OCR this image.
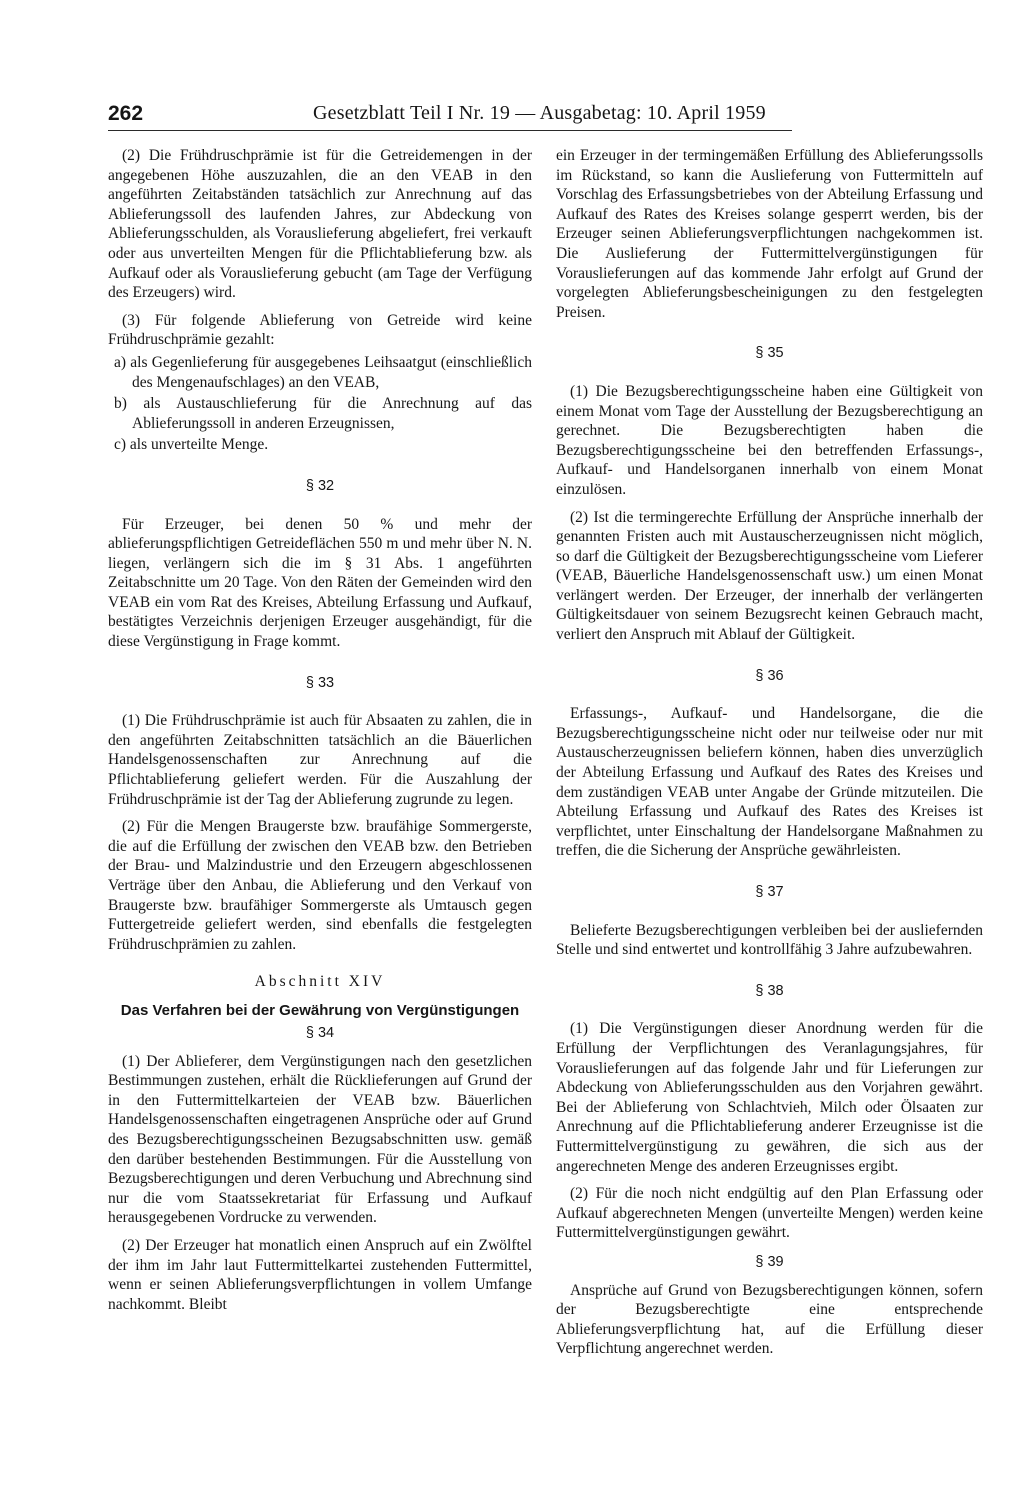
262	Gesetzblatt Teil I Nr. 19 — Ausgabetag: 10. April 1959

(2) Die Frühdruschprämie ist für die Getreidemengen in der angegebenen Höhe auszuzahlen, die an den VEAB in den angeführten Zeitabständen tatsächlich zur Anrechnung auf das Ablieferungssoll des laufenden Jahres, zur Abdeckung von Ablieferungsschulden, als Vorauslieferung abgeliefert, frei verkauft oder aus unverteilten Mengen für die Pflichtablieferung bzw. als Aufkauf oder als Vorauslieferung gebucht (am Tage der Verfügung des Erzeugers) wird.

(3) Für folgende Ablieferung von Getreide wird keine Frühdruschprämie gezahlt:

a) als Gegenlieferung für ausgegebenes Leihsaatgut (einschließlich des Mengenaufschlages) an den VEAB,
b) als Austauschlieferung für die Anrechnung auf das Ablieferungssoll in anderen Erzeugnissen,
c) als unverteilte Menge.
§ 32

Für Erzeuger, bei denen 50 % und mehr der ablieferungspflichtigen Getreideflächen 550 m und mehr über N. N. liegen, verlängern sich die im § 31 Abs. 1 angeführten Zeitabschnitte um 20 Tage. Von den Räten der Gemeinden wird den VEAB ein vom Rat des Kreises, Abteilung Erfassung und Aufkauf, bestätigtes Verzeichnis derjenigen Erzeuger ausgehändigt, für die diese Vergünstigung in Frage kommt.

§ 33

(1) Die Frühdruschprämie ist auch für Absaaten zu zahlen, die in den angeführten Zeitabschnitten tatsächlich an die Bäuerlichen Handelsgenossenschaften zur Anrechnung auf die Pflichtablieferung geliefert werden. Für die Auszahlung der Frühdruschprämie ist der Tag der Ablieferung zugrunde zu legen.

(2) Für die Mengen Braugerste bzw. braufähige Sommergerste, die auf die Erfüllung der zwischen den VEAB bzw. den Betrieben der Brau- und Malzindustrie und den Erzeugern abgeschlossenen Verträge über den Anbau, die Ablieferung und den Verkauf von Braugerste bzw. braufähiger Sommergerste als Umtausch gegen Futtergetreide geliefert werden, sind ebenfalls die festgelegten Frühdruschprämien zu zahlen.

Abschnitt XIV
Das Verfahren bei der Gewährung von Vergünstigungen
§ 34

(1) Der Ablieferer, dem Vergünstigungen nach den gesetzlichen Bestimmungen zustehen, erhält die Rücklieferungen auf Grund der in den Futtermittelkarteien der VEAB bzw. Bäuerlichen Handelsgenossenschaften eingetragenen Ansprüche oder auf Grund des Bezugsberechtigungsscheinen Bezugsabschnitten usw. gemäß den darüber bestehenden Bestimmungen. Für die Ausstellung von Bezugsberechtigungen und deren Verbuchung und Abrechnung sind nur die vom Staatssekretariat für Erfassung und Aufkauf herausgegebenen Vordrucke zu verwenden.

(2) Der Erzeuger hat monatlich einen Anspruch auf ein Zwölftel der ihm im Jahr laut Futtermittelkartei zustehenden Futtermittel, wenn er seinen Ablieferungsverpflichtungen in vollem Umfange nachkommt. Bleibt

ein Erzeuger in der termingemäßen Erfüllung des Ablieferungssolls im Rückstand, so kann die Auslieferung von Futtermitteln auf Vorschlag des Erfassungsbetriebes von der Abteilung Erfassung und Aufkauf des Rates des Kreises solange gesperrt werden, bis der Erzeuger seinen Ablieferungsverpflichtungen nachgekommen ist. Die Auslieferung der Futtermittelvergünstigungen für Vorauslieferungen auf das kommende Jahr erfolgt auf Grund der vorgelegten Ablieferungsbescheinigungen zu den festgelegten Preisen.

§ 35

(1) Die Bezugsberechtigungsscheine haben eine Gültigkeit von einem Monat vom Tage der Ausstellung der Bezugsberechtigung an gerechnet. Die Bezugsberechtigten haben die Bezugsberechtigungsscheine bei den betreffenden Erfassungs-, Aufkauf- und Handelsorganen innerhalb von einem Monat einzulösen.

(2) Ist die termingerechte Erfüllung der Ansprüche innerhalb der genannten Fristen auch mit Austauscherzeugnissen nicht möglich, so darf die Gültigkeit der Bezugsberechtigungsscheine vom Lieferer (VEAB, Bäuerliche Handelsgenossenschaft usw.) um einen Monat verlängert werden. Der Erzeuger, der innerhalb der verlängerten Gültigkeitsdauer von seinem Bezugsrecht keinen Gebrauch macht, verliert den Anspruch mit Ablauf der Gültigkeit.

§ 36

Erfassungs-, Aufkauf- und Handelsorgane, die die Bezugsberechtigungsscheine nicht oder nur teilweise oder nur mit Austauscherzeugnissen beliefern können, haben dies unverzüglich der Abteilung Erfassung und Aufkauf des Rates des Kreises und dem zuständigen VEAB unter Angabe der Gründe mitzuteilen. Die Abteilung Erfassung und Aufkauf des Rates des Kreises ist verpflichtet, unter Einschaltung der Handelsorgane Maßnahmen zu treffen, die die Sicherung der Ansprüche gewährleisten.

§ 37

Belieferte Bezugsberechtigungen verbleiben bei der ausliefernden Stelle und sind entwertet und kontrollfähig 3 Jahre aufzubewahren.

§ 38

(1) Die Vergünstigungen dieser Anordnung werden für die Erfüllung der Verpflichtungen des Veranlagungsjahres, für Vorauslieferungen auf das folgende Jahr und für Lieferungen zur Abdeckung von Ablieferungsschulden aus den Vorjahren gewährt. Bei der Ablieferung von Schlachtvieh, Milch oder Ölsaaten zur Anrechnung auf die Pflichtablieferung anderer Erzeugnisse ist die Futtermittelvergünstigung zu gewähren, die sich aus der angerechneten Menge des anderen Erzeugnisses ergibt.

(2) Für die noch nicht endgültig auf den Plan Erfassung oder Aufkauf abgerechneten Mengen (unverteilte Mengen) werden keine Futtermittelvergünstigungen gewährt.

§ 39

Ansprüche auf Grund von Bezugsberechtigungen können, sofern der Bezugsberechtigte eine entsprechende Ablieferungsverpflichtung hat, auf die Erfüllung dieser Verpflichtung angerechnet werden.
